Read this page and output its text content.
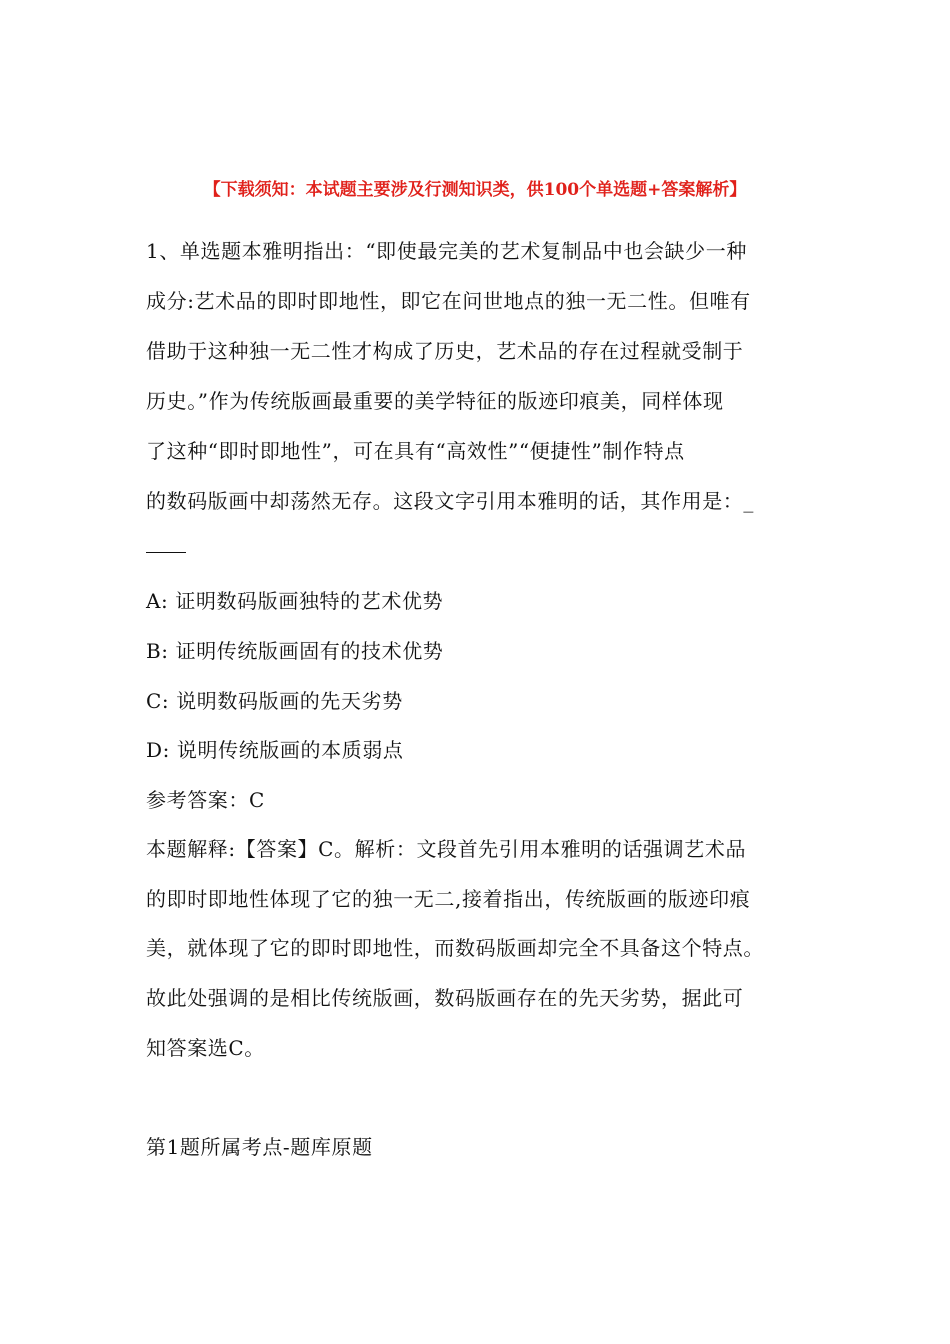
【下载须知：本试题主要涉及行测知识类，供100个单选题+答案解析】
1、单选题本雅明指出：“即使最完美的艺术复制品中也会缺少一种
成分:艺术品的即时即地性，即它在问世地点的独一无二性。但唯有
借助于这种独一无二性才构成了历史，艺术品的存在过程就受制于
历史。”作为传统版画最重要的美学特征的版迹印痕美，同样体现
了这种“即时即地性”，可在具有“高效性”“便捷性”制作特点
的数码版画中却荡然无存。这段文字引用本雅明的话，其作用是：_
A: 证明数码版画独特的艺术优势
B: 证明传统版画固有的技术优势
C: 说明数码版画的先天劣势
D: 说明传统版画的本质弱点
参考答案：C
本题解释:【答案】C。解析：文段首先引用本雅明的话强调艺术品
的即时即地性体现了它的独一无二,接着指出，传统版画的版迹印痕
美，就体现了它的即时即地性，而数码版画却完全不具备这个特点。
故此处强调的是相比传统版画，数码版画存在的先天劣势，据此可
知答案选C。
第1题所属考点-题库原题
